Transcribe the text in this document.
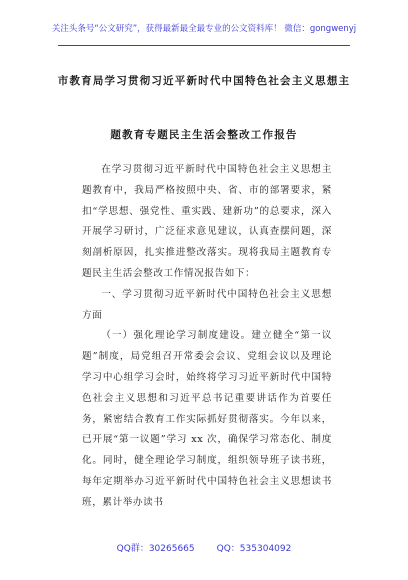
关注头条号“公文研究”，获得最新最全最专业的公文资料库！ 微信：gongwenyj
市教育局学习贯彻习近平新时代中国特色社会主义思想主
题教育专题民主生活会整改工作报告

在学习贯彻习近平新时代中国特色社会主义思想主题教育中，我局严格按照中央、省、市的部署要求，紧扣“学思想、强党性、重实践、建新功”的总要求，深入开展学习研讨，广泛征求意见建议，认真查摆问题，深刻剖析原因，扎实推进整改落实。现将我局主题教育专题民主生活会整改工作情况报告如下：

一、学习贯彻习近平新时代中国特色社会主义思想方面

（一）强化理论学习制度建设。建立健全“第一议题”制度，局党组召开常委会会议、党组会议以及理论学习中心组学习会时，始终将学习习近平新时代中国特色社会主义思想和习近平总书记重要讲话作为首要任务，紧密结合教育工作实际抓好贯彻落实。今年以来，已开展“第一议题”学习 xx 次，确保学习常态化、制度化。同时，健全理论学习制度，组织领导班子读书班，每年定期举办习近平新时代中国特色社会主义思想读书班，累计举办读书

QQ群：30265665 QQ：535304092
